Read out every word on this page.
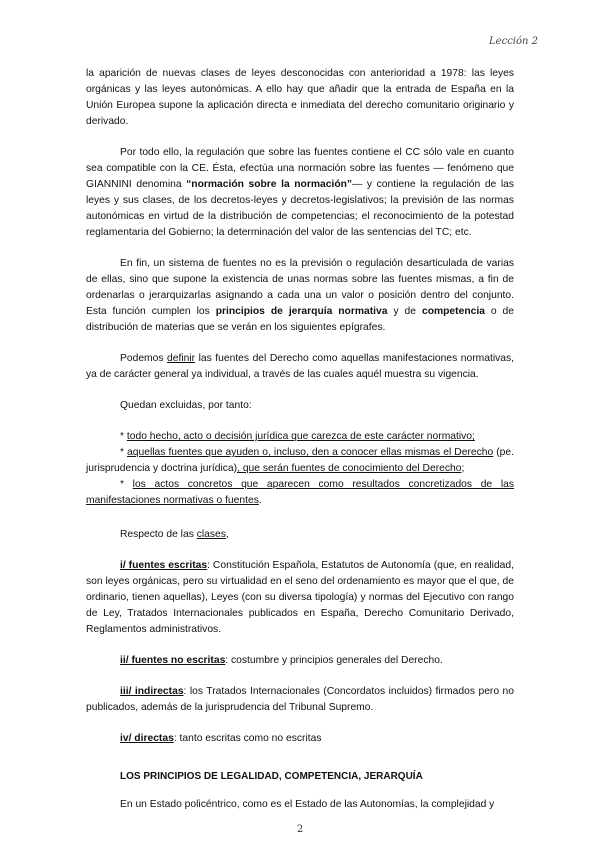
Lección 2

la aparición de nuevas clases de leyes desconocidas con anterioridad a 1978: las leyes orgánicas y las leyes autonómicas. A ello hay que añadir que la entrada de España en la Unión Europea supone la aplicación directa e inmediata del derecho comunitario originario y derivado.

Por todo ello, la regulación que sobre las fuentes contiene el CC sólo vale en cuanto sea compatible con la CE. Ésta, efectúa una normación sobre las fuentes — fenómeno que GIANNINI denomina “normación sobre la normación”— y contiene la regulación de las leyes y sus clases, de los decretos-leyes y decretos-legislativos; la previsión de las normas autonómicas en virtud de la distribución de competencias; el reconocimiento de la potestad reglamentaria del Gobierno; la determinación del valor de las sentencias del TC; etc.

En fin, un sistema de fuentes no es la previsión o regulación desarticulada de varias de ellas, sino que supone la existencia de unas normas sobre las fuentes mismas, a fin de ordenarlas o jerarquizarlas asignando a cada una un valor o posición dentro del conjunto. Esta función cumplen los principios de jerarquía normativa y de competencia o de distribución de materias que se verán en los siguientes epígrafes.

Podemos definir las fuentes del Derecho como aquellas manifestaciones normativas, ya de carácter general ya individual, a través de las cuales aquél muestra su vigencia.

Quedan excluidas, por tanto:

* todo hecho, acto o decisión jurídica que carezca de este carácter normativo;

* aquellas fuentes que ayuden o, incluso, den a conocer ellas mismas el Derecho (pe. jurisprudencia y doctrina jurídica), que serán fuentes de conocimiento del Derecho;

* los actos concretos que aparecen como resultados concretizados de las manifestaciones normativas o fuentes.

Respecto de las clases,

i/ fuentes escritas: Constitución Española, Estatutos de Autonomía (que, en realidad, son leyes orgánicas, pero su virtualidad en el seno del ordenamiento es mayor que el que, de ordinario, tienen aquellas), Leyes (con su diversa tipología) y normas del Ejecutivo con rango de Ley, Tratados Internacionales publicados en España, Derecho Comunitario Derivado, Reglamentos administrativos.

ii/ fuentes no escritas: costumbre y principios generales del Derecho.

iii/ indirectas: los Tratados Internacionales (Concordatos incluidos) firmados pero no publicados, además de la jurisprudencia del Tribunal Supremo.

iv/ directas: tanto escritas como no escritas

LOS PRINCIPIOS DE LEGALIDAD, COMPETENCIA, JERARQUÍA

En un Estado policéntrico, como es el Estado de las Autonomías, la complejidad y

2
